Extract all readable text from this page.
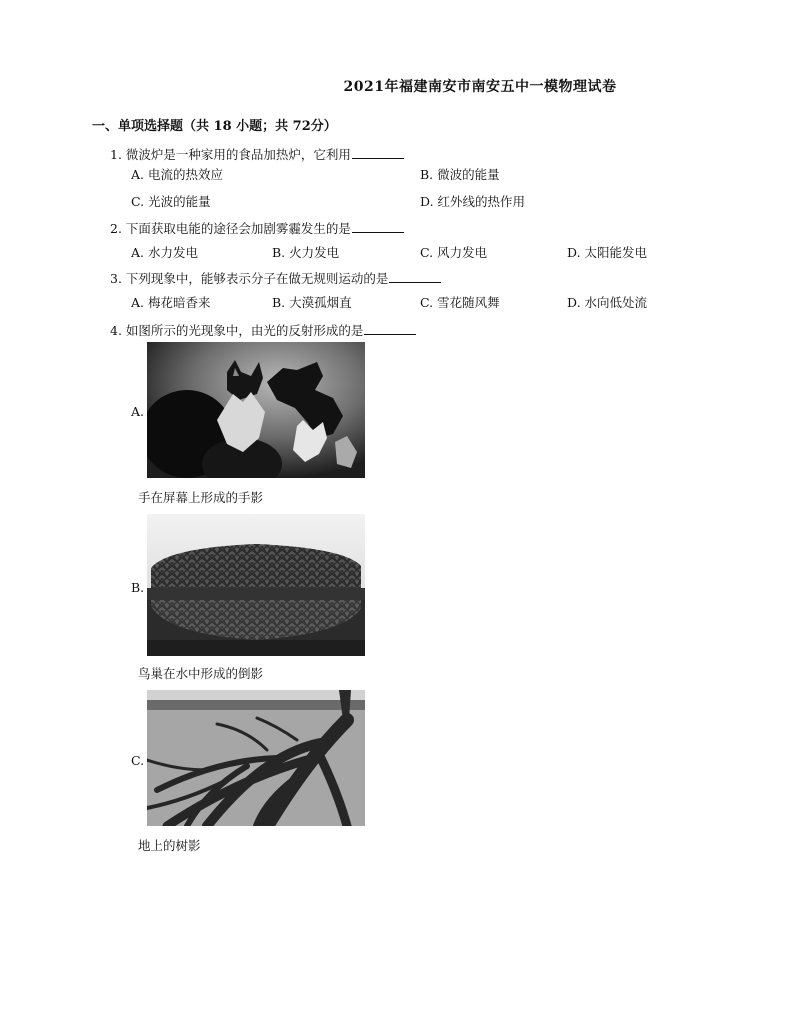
2021年福建南安市南安五中一模物理试卷
一、单项选择题（共 18 小题；共 72分）
1. 微波炉是一种家用的食品加热炉，它利用
A. 电流的热效应	B. 微波的能量
C. 光波的能量	D. 红外线的热作用
2. 下面获取电能的途径会加剧雾霾发生的是
A. 水力发电	B. 火力发电	C. 风力发电	D. 太阳能发电
3. 下列现象中，能够表示分子在做无规则运动的是
A. 梅花暗香来	B. 大漠孤烟直	C. 雪花随风舞	D. 水向低处流
4. 如图所示的光现象中，由光的反射形成的是
A.
手在屏幕上形成的手影
B.
鸟巢在水中形成的倒影
C.
地上的树影
